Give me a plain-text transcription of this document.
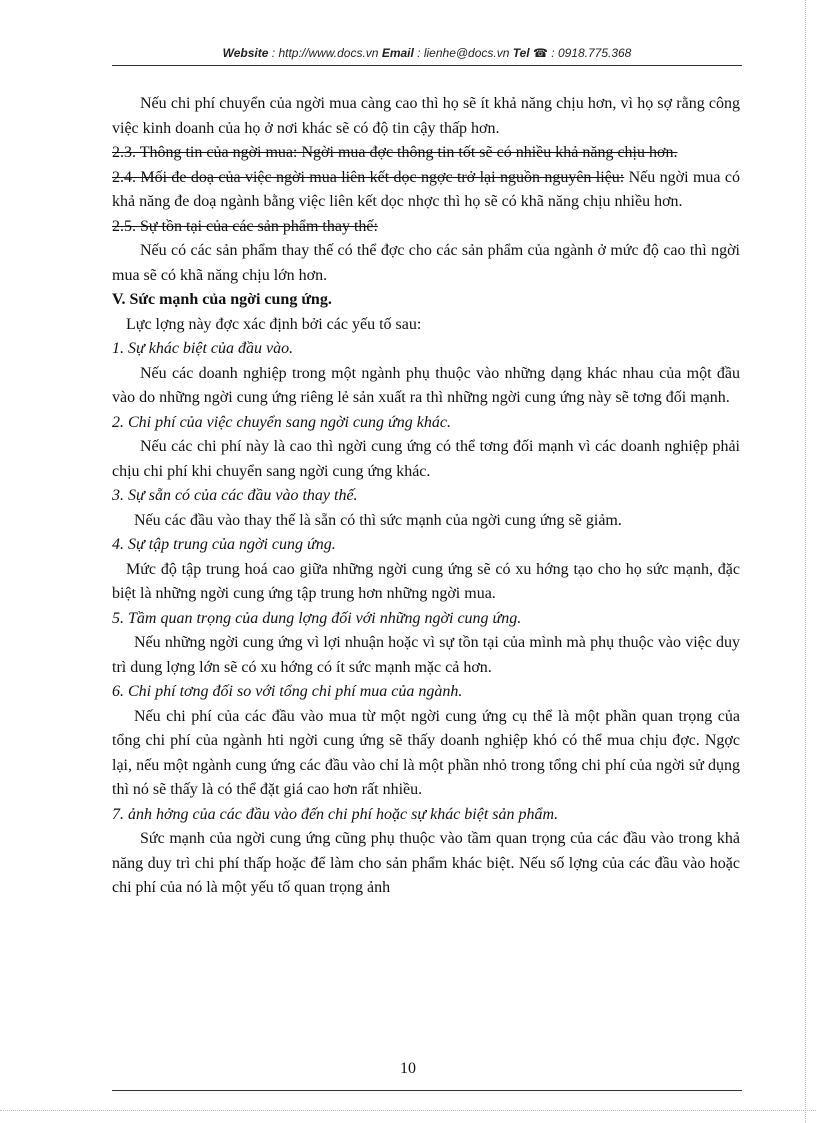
Website : http://www.docs.vn Email : lienhe@docs.vn Tel ☎ : 0918.775.368

Nếu chi phí chuyển của ngời mua càng cao thì họ sẽ ít khả năng chịu hơn, vì họ sợ rằng công việc kinh doanh của họ ở nơi khác sẽ có độ tin cậy thấp hơn.

2.3. Thông tin của ngời mua: Ngời mua đợc thông tin tốt sẽ có nhiều khả năng chịu hơn.

2.4. Mối đe doạ của việc ngời mua liên kết dọc ngợc trở lại nguồn nguyên liệu: Nếu ngời mua có khả năng đe doạ ngành bằng việc liên kết dọc nhợc thì họ sẽ có khã năng chịu nhiều hơn.

2.5. Sự tồn tại của các sản phẩm thay thế:

Nếu có các sản phẩm thay thế có thể đợc cho các sản phẩm của ngành ở mức độ cao thì ngời mua sẽ có khã năng chịu lớn hơn.

V. Sức mạnh của ngời cung ứng.

Lực lợng này đợc xác định bởi các yếu tố sau:

1. Sự khác biệt của đầu vào.

Nếu các doanh nghiệp trong một ngành phụ thuộc vào những dạng khác nhau của một đầu vào do những ngời cung ứng riêng lẻ sản xuất ra thì những ngời cung ứng này sẽ tơng đối mạnh.

2. Chi phí của việc chuyển sang ngời cung ứng khác.

Nếu các chi phí này là cao thì ngời cung ứng có thể tơng đối mạnh vì các doanh nghiệp phải chịu chi phí khi chuyển sang ngời cung ứng khác.

3. Sự sẵn có của các đầu vào thay thế.

Nếu các đầu vào thay thế là sẵn có thì sức mạnh của ngời cung ứng sẽ giảm.

4. Sự tập trung của ngời cung ứng.

Mức độ tập trung hoá cao giữa những ngời cung ứng sẽ có xu hớng tạo cho họ sức mạnh, đặc biệt là những ngời cung ứng tập trung hơn những ngời mua.

5. Tầm quan trọng của dung lợng đối với những ngời cung ứng.

Nếu những ngời cung ứng vì lợi nhuận hoặc vì sự tồn tại của mình mà phụ thuộc vào việc duy trì dung lợng lớn sẽ có xu hớng có ít sức mạnh mặc cả hơn.

6. Chi phí tơng đối so với tổng chi phí mua của ngành.

Nếu chi phí của các đầu vào mua từ một ngời cung ứng cụ thể là một phần quan trọng của tổng chi phí của ngành hti ngời cung ứng sẽ thấy doanh nghiệp khó có thể mua chịu đợc. Ngợc lại, nếu một ngành cung ứng các đầu vào chỉ là một phần nhỏ trong tổng chi phí của ngời sử dụng thì nó sẽ thấy là có thể đặt giá cao hơn rất nhiều.

7. ảnh hởng của các đầu vào đến chi phí hoặc sự khác biệt sản phẩm.

Sức mạnh của ngời cung ứng cũng phụ thuộc vào tầm quan trọng của các đầu vào trong khả năng duy trì chi phí thấp hoặc để làm cho sản phẩm khác biệt. Nếu số lợng của các đầu vào hoặc chi phí của nó là một yếu tố quan trọng ảnh

10
